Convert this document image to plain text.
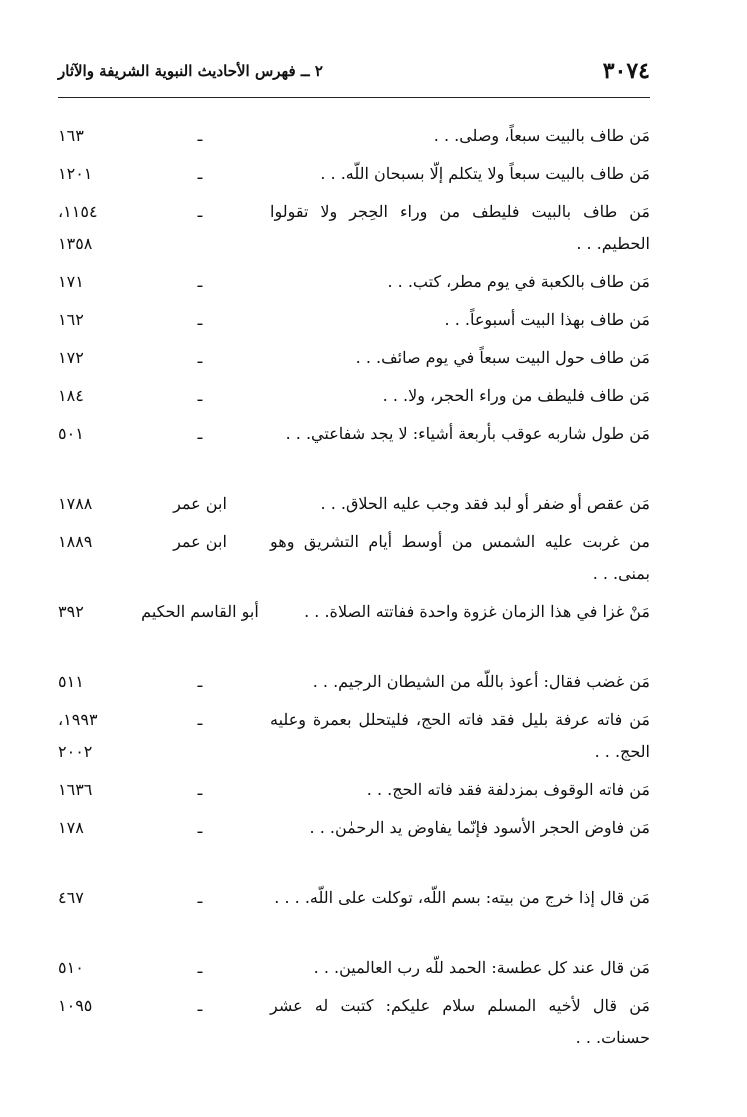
٣٠٧٤
٢ ــ فهرس الأحاديث النبوية الشريفة والآثار
مَن طاف بالبيت سبعاً، وصلى. . .
ـ
١٦٣
مَن طاف بالبيت سبعاً ولا يتكلم إلّا بسبحان اللّه. . .
ـ
١٢٠١
مَن طاف بالبيت فليطف من وراء الحِجر ولا تقولوا الحطيم. . .
ـ
١١٥٤، ١٣٥٨
مَن طاف بالكعبة في يوم مطر، كتب. . .
ـ
١٧١
مَن طاف بهذا البيت أسبوعاً. . .
ـ
١٦٢
مَن طاف حول البيت سبعاً في يوم صائف. . .
ـ
١٧٢
مَن طاف فليطف من وراء الحجر، ولا. . .
ـ
١٨٤
مَن طول شاربه عوقب بأربعة أشياء: لا يجد شفاعتي. . .
ـ
٥٠١
مَن عقص أو ضفر أو لبد فقد وجب عليه الحلاق. . .
ابن عمر
١٧٨٨
من غربت عليه الشمس من أوسط أيام التشريق وهو بمنى. . .
ابن عمر
١٨٨٩
مَنْ غزا في هذا الزمان غزوة واحدة ففاتته الصلاة. . .
أبو القاسم الحكيم
٣٩٢
مَن غضب فقال: أعوذ باللّه من الشيطان الرجيم. . .
ـ
٥١١
مَن فاته عرفة بليل فقد فاته الحج، فليتحلل بعمرة وعليه الحج. . .
ـ
١٩٩٣، ٢٠٠٢
مَن فاته الوقوف بمزدلفة فقد فاته الحج. . .
ـ
١٦٣٦
مَن فاوض الحجر الأسود فإنّما يفاوض يد الرحمٰن. . .
ـ
١٧٨
مَن قال إذا خرج من بيته: بسم اللّه، توكلت على اللّه. . . .
ـ
٤٦٧
مَن قال عند كل عطسة: الحمد للّه رب العالمين. . .
ـ
٥١٠
مَن قال لأخيه المسلم سلام عليكم: كتبت له عشر حسنات. . .
ـ
١٠٩٥
